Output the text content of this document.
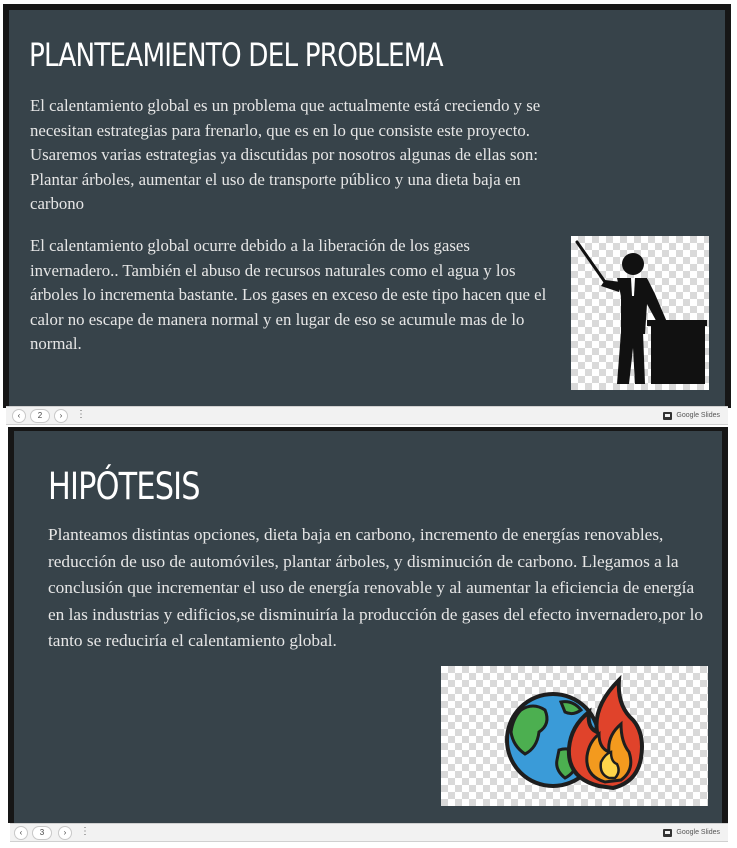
PLANTEAMIENTO DEL PROBLEMA

El calentamiento global es un problema que actualmente está creciendo y se necesitan estrategias para frenarlo, que es en lo que consiste este proyecto. Usaremos varias estrategias ya discutidas por nosotros algunas de ellas son: Plantar árboles, aumentar el uso de transporte público y una dieta baja en carbono

El calentamiento global ocurre debido a la liberación de los gases invernadero.. También el abuso de recursos naturales como el agua y los árboles lo incrementa bastante. Los gases en exceso de este tipo hacen que el calor no escape de manera normal y en lugar de eso se acumule mas de lo normal.

‹	2	›	⋮	Google Slides
HIPÓTESIS

Planteamos distintas opciones, dieta baja en carbono, incremento de energías renovables, reducción de uso de automóviles, plantar árboles, y disminución de carbono. Llegamos a la conclusión que incrementar el uso de energía renovable y al aumentar la eficiencia de energía en las industrias y edificios,se disminuiría la producción de gases del efecto invernadero,por lo tanto se reduciría el calentamiento global.

‹	3	›	⋮	Google Slides
